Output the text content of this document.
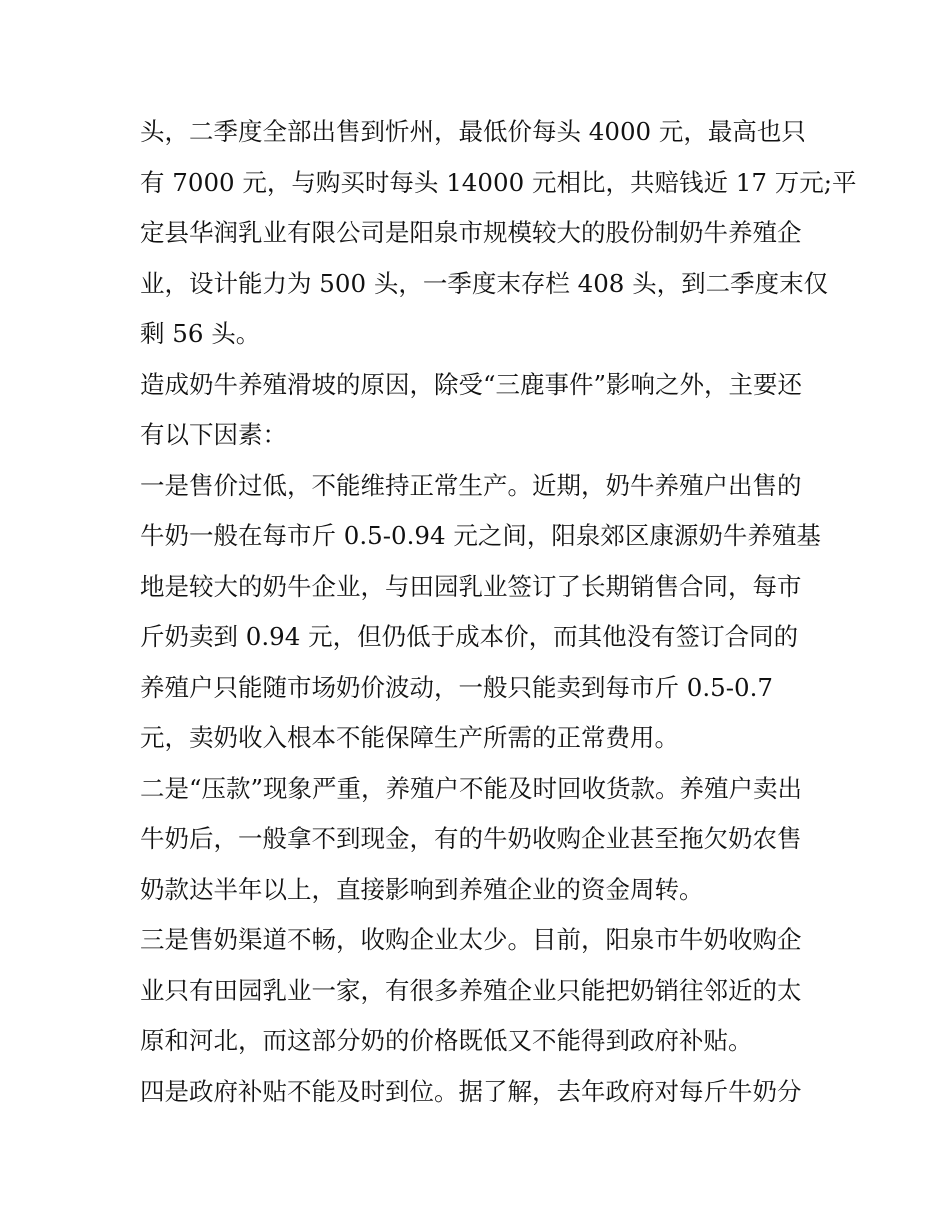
头，二季度全部出售到忻州，最低价每头 4000 元，最高也只
有 7000 元，与购买时每头 14000 元相比，共赔钱近 17 万元;平
定县华润乳业有限公司是阳泉市规模较大的股份制奶牛养殖企
业，设计能力为 500 头，一季度末存栏 408 头，到二季度末仅
剩 56 头。
造成奶牛养殖滑坡的原因，除受“三鹿事件”影响之外，主要还
有以下因素：
一是售价过低，不能维持正常生产。近期，奶牛养殖户出售的
牛奶一般在每市斤 0.5-0.94 元之间，阳泉郊区康源奶牛养殖基
地是较大的奶牛企业，与田园乳业签订了长期销售合同，每市
斤奶卖到 0.94 元，但仍低于成本价，而其他没有签订合同的
养殖户只能随市场奶价波动，一般只能卖到每市斤 0.5-0.7
元，卖奶收入根本不能保障生产所需的正常费用。
二是“压款”现象严重，养殖户不能及时回收货款。养殖户卖出
牛奶后，一般拿不到现金，有的牛奶收购企业甚至拖欠奶农售
奶款达半年以上，直接影响到养殖企业的资金周转。
三是售奶渠道不畅，收购企业太少。目前，阳泉市牛奶收购企
业只有田园乳业一家，有很多养殖企业只能把奶销往邻近的太
原和河北，而这部分奶的价格既低又不能得到政府补贴。
四是政府补贴不能及时到位。据了解，去年政府对每斤牛奶分
